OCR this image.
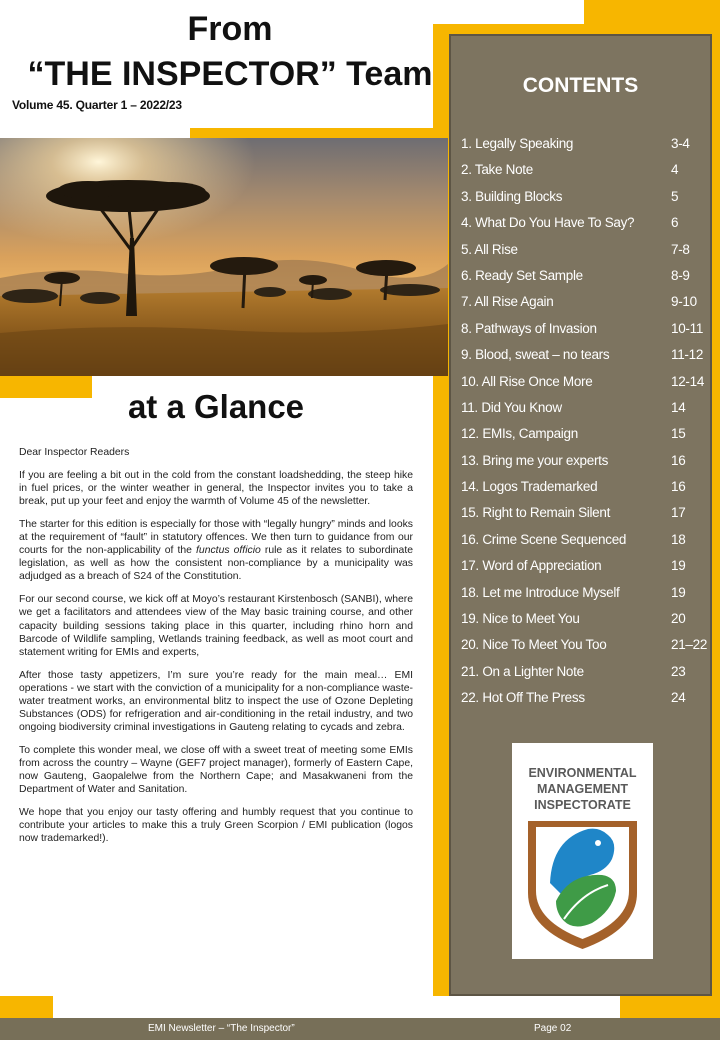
From
“THE INSPECTOR” Team
Volume 45. Quarter 1 – 2022/23
at a Glance

Dear Inspector Readers

If you are feeling a bit out in the cold from the constant loadshedding, the steep hike in fuel prices, or the winter weather in general, the Inspector invites you to take a break, put up your feet and enjoy the warmth of Volume 45 of the newsletter.

The starter for this edition is especially for those with “legally hungry” minds and looks at the requirement of “fault” in statutory offences. We then turn to guidance from our courts for the non-applicability of the functus officio rule as it relates to subordinate legislation, as well as how the consistent non-compliance by a municipality was adjudged as a breach of S24 of the Constitution.

For our second course, we kick off at Moyo’s restaurant Kirstenbosch (SANBI), where we get a facilitators and attendees view of the May basic training course, and other capacity building sessions taking place in this quarter, including rhino horn and Barcode of Wildlife sampling, Wetlands training feedback, as well as moot court and statement writing for EMIs and experts,

After those tasty appetizers, I’m sure you’re ready for the main meal… EMI operations - we start with the conviction of a municipality for a non-compliance waste-water treatment works, an environmental blitz to inspect the use of Ozone Depleting Substances (ODS) for refrigeration and air-conditioning in the retail industry, and two ongoing biodiversity criminal investigations in Gauteng relating to cycads and zebra.

To complete this wonder meal, we close off with a sweet treat of meeting some EMIs from across the country – Wayne (GEF7 project manager), formerly of Eastern Cape, now Gauteng, Gaopalelwe from the Northern Cape; and Masakwaneni from the Department of Water and Sanitation.

We hope that you enjoy our tasty offering and humbly request that you continue to contribute your articles to make this a truly Green Scorpion / EMI publication (logos now trademarked!).

CONTENTS
1. Legally Speaking	3-4
2. Take Note	4
3. Building Blocks	5
4. What Do You Have To Say?	6
5. All Rise	7-8
6. Ready Set Sample	8-9
7. All Rise Again	9-10
8. Pathways of Invasion	10-11
9. Blood, sweat – no tears	11-12
10. All Rise Once More	12-14
11. Did You Know	14
12. EMIs, Campaign	15
13. Bring me your experts	16
14. Logos Trademarked	16
15. Right to Remain Silent	17
16. Crime Scene Sequenced	18
17. Word of Appreciation	19
18. Let me Introduce Myself	19
19. Nice to Meet You	20
20. Nice To Meet You Too	21–22
21. On a Lighter Note	23
22. Hot Off The Press	24
ENVIRONMENTAL
MANAGEMENT
INSPECTORATE
EMI Newsletter – “The Inspector”	Page 02
